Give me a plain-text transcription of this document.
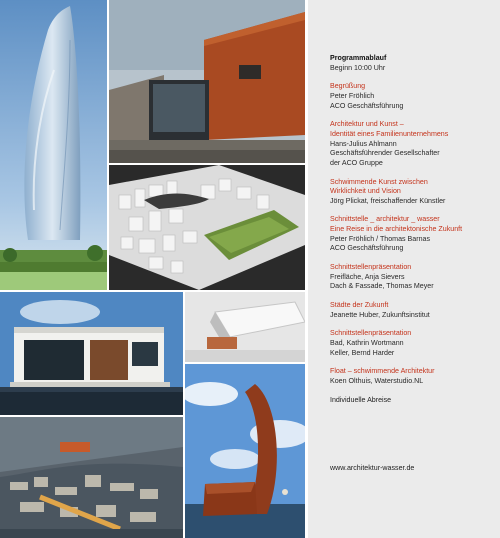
Programmablauf
Beginn 10:00 Uhr
Begrüßung
Peter Fröhlich
ACO Geschäftsführung
Architektur und Kunst –
Identität eines Familienunternehmens
Hans-Julius Ahlmann
Geschäftsführender Gesellschafter
der ACO Gruppe
Schwimmende Kunst zwischen
Wirklichkeit und Vision
Jörg Plickat, freischaffender Künstler
Schnittstelle _ architektur _ wasser
Eine Reise in die architektonische Zukunft
Peter Fröhlich / Thomas Barnas
ACO Geschäftsführung
Schnittstellenpräsentation
Freifläche, Anja Sievers
Dach & Fassade, Thomas Meyer
Städte der Zukunft
Jeanette Huber, Zukunftsinstitut
Schnittstellenpräsentation
Bad, Kathrin Wortmann
Keller, Bernd Harder
Float – schwimmende Architektur
Koen Olthuis, Waterstudio.NL
Individuelle Abreise
www.architektur-wasser.de
